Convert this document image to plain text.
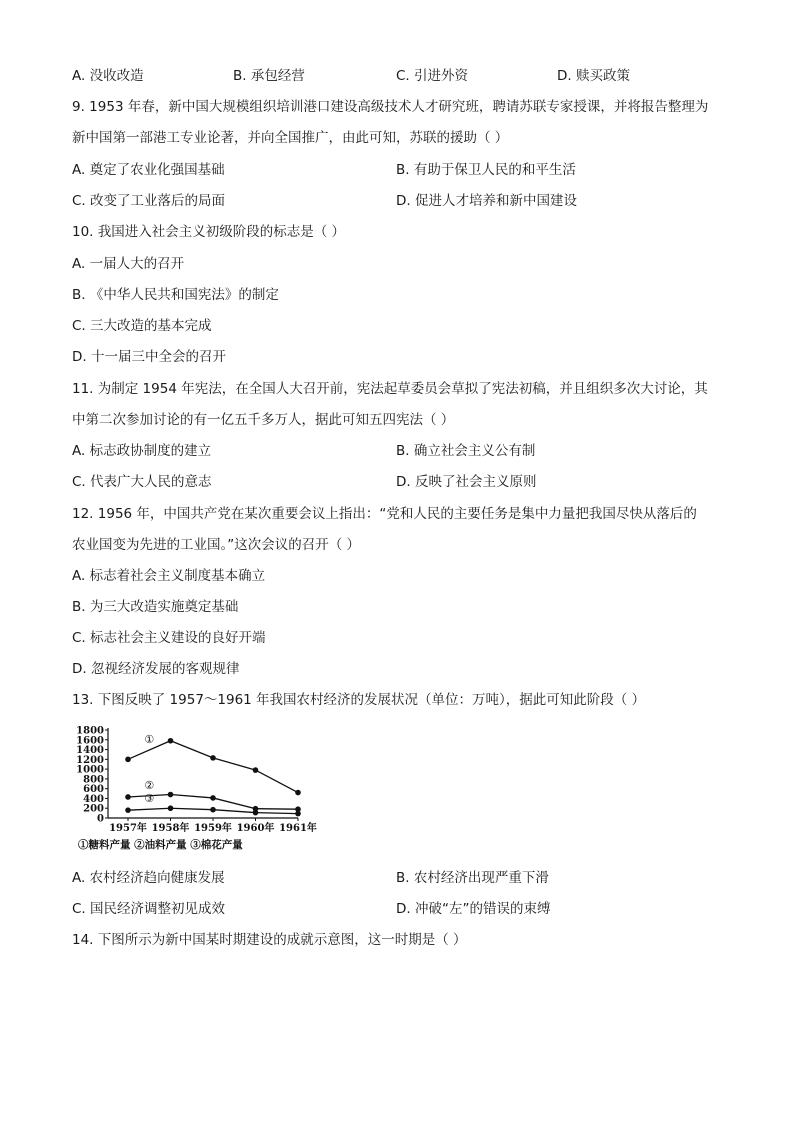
A. 没收改造	B. 承包经营	C. 引进外资	D. 赎买政策
9. 1953 年春，新中国大规模组织培训港口建设高级技术人才研究班，聘请苏联专家授课，并将报告整理为
新中国第一部港工专业论著，并向全国推广，由此可知，苏联的援助（ ）
A. 奠定了农业化强国基础	B. 有助于保卫人民的和平生活
C. 改变了工业落后的局面	D. 促进人才培养和新中国建设
10. 我国进入社会主义初级阶段的标志是（ ）
A. 一届人大的召开
B. 《中华人民共和国宪法》的制定
C. 三大改造的基本完成
D. 十一届三中全会的召开
11. 为制定 1954 年宪法，在全国人大召开前，宪法起草委员会草拟了宪法初稿，并且组织多次大讨论，其
中第二次参加讨论的有一亿五千多万人，据此可知五四宪法（ ）
A. 标志政协制度的建立	B. 确立社会主义公有制
C. 代表广大人民的意志	D. 反映了社会主义原则
12. 1956 年，中国共产党在某次重要会议上指出：“党和人民的主要任务是集中力量把我国尽快从落后的
农业国变为先进的工业国。”这次会议的召开（ ）
A. 标志着社会主义制度基本确立
B. 为三大改造实施奠定基础
C. 标志社会主义建设的良好开端
D. 忽视经济发展的客观规律
13. 下图反映了 1957～1961 年我国农村经济的发展状况（单位：万吨），据此可知此阶段（ ）
0
200
400
600
800
1000
1200
1400
1600
1800
1957年 1958年 1959年 1960年 1961年
①
②
③
①糖料产量 ②油料产量 ③棉花产量
A. 农村经济趋向健康发展	B. 农村经济出现严重下滑
C. 国民经济调整初见成效	D. 冲破“左”的错误的束缚
14. 下图所示为新中国某时期建设的成就示意图，这一时期是（ ）
